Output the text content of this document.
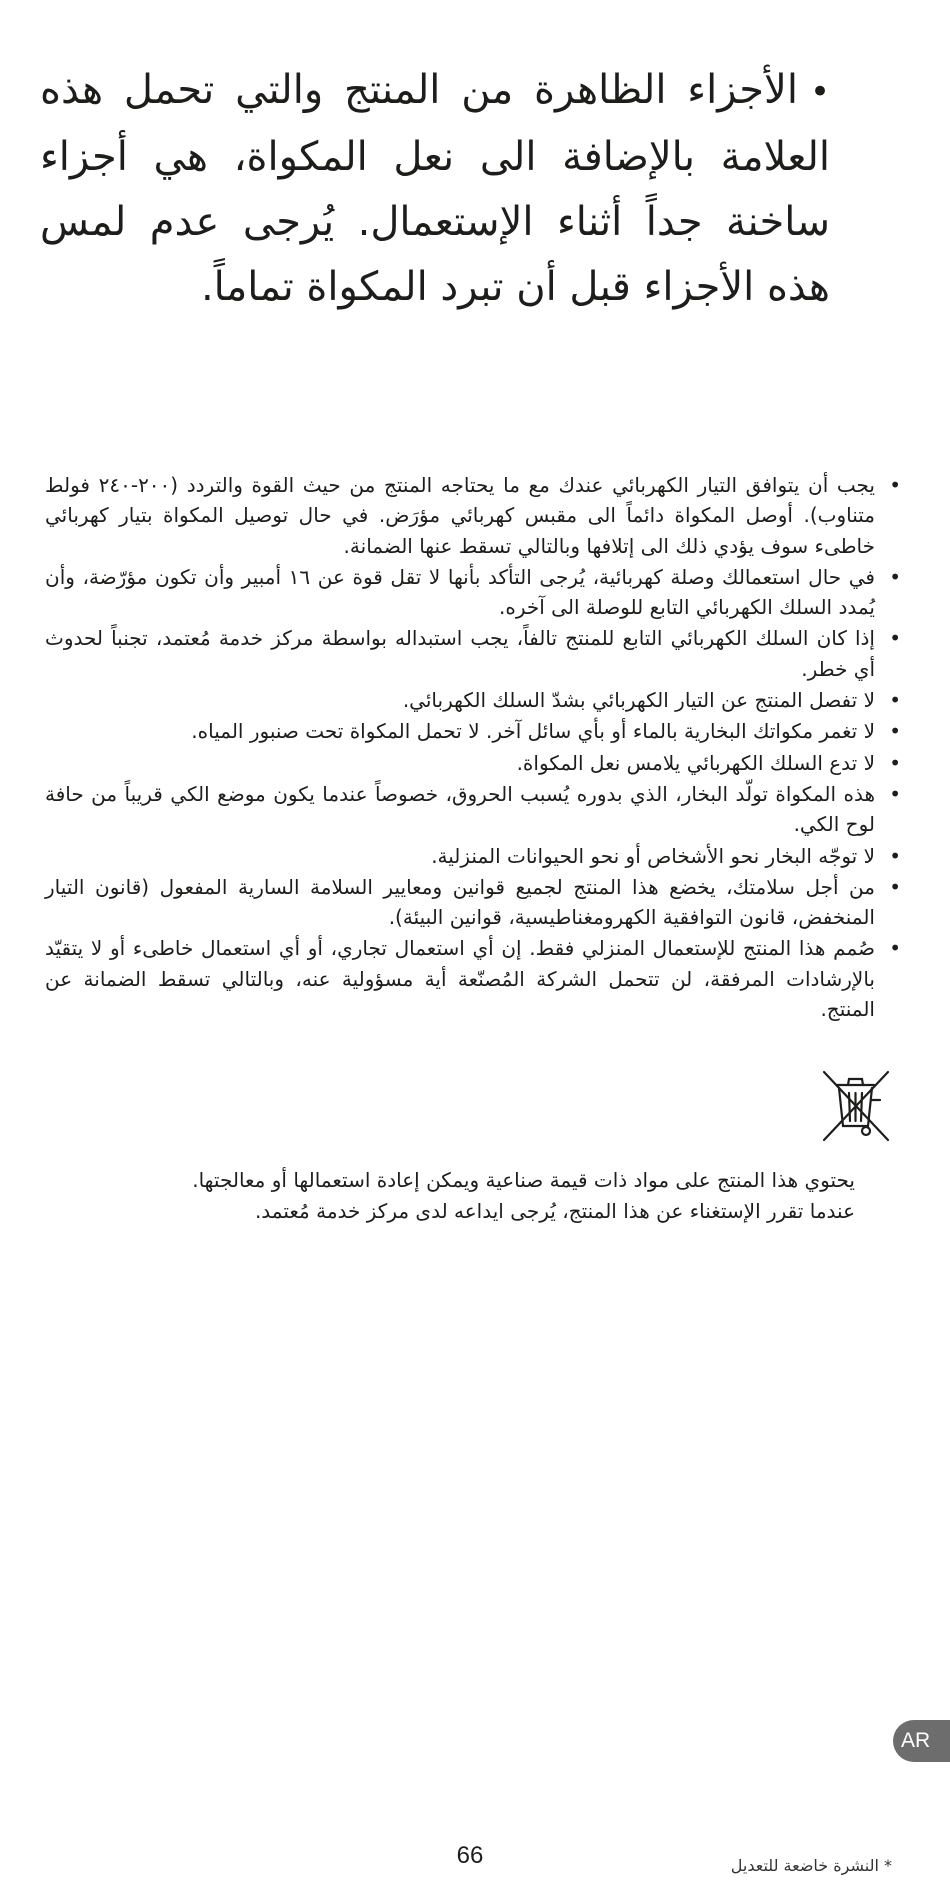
•الأجزاء الظاهرة من المنتج والتي تحمل هذه العلامة بالإضافة الى نعل المكواة، هي أجزاء ساخنة جداً أثناء الإستعمال. يُرجى عدم لمس هذه الأجزاء قبل أن تبرد المكواة تماماً.
• يجب أن يتوافق التيار الكهربائي عندك مع ما يحتاجه المنتج من حيث القوة والتردد (٢٠٠-٢٤٠ فولط متناوب). أوصل المكواة دائماً الى مقبس كهربائي مؤرَض. في حال توصيل المكواة بتيار كهربائي خاطىء سوف يؤدي ذلك الى إتلافها وبالتالي تسقط عنها الضمانة.
• في حال استعمالك وصلة كهربائية، يُرجى التأكد بأنها لا تقل قوة عن ١٦ أمبير وأن تكون مؤرّضة، وأن يُمدد السلك الكهربائي التابع للوصلة الى آخره.
• إذا كان السلك الكهربائي التابع للمنتج تالفاً، يجب استبداله بواسطة مركز خدمة مُعتمد، تجنباً لحدوث أي خطر.
• لا تفصل المنتج عن التيار الكهربائي بشدّ السلك الكهربائي.
• لا تغمر مكواتك البخارية بالماء أو بأي سائل آخر. لا تحمل المكواة تحت صنبور المياه.
• لا تدع السلك الكهربائي يلامس نعل المكواة.
• هذه المكواة تولّد البخار، الذي بدوره يُسبب الحروق، خصوصاً عندما يكون موضع الكي قريباً من حافة لوح الكي.
• لا توجّه البخار نحو الأشخاص أو نحو الحيوانات المنزلية.
• من أجل سلامتك، يخضع هذا المنتج لجميع قوانين ومعايير السلامة السارية المفعول (قانون التيار المنخفض، قانون التوافقية الكهرومغناطيسية، قوانين البيئة).
• صُمم هذا المنتج للإستعمال المنزلي فقط. إن أي استعمال تجاري، أو أي استعمال خاطىء أو لا يتقيّد بالإرشادات المرفقة، لن تتحمل الشركة المُصنّعة أية مسؤولية عنه، وبالتالي تسقط الضمانة عن المنتج.
يحتوي هذا المنتج على مواد ذات قيمة صناعية ويمكن إعادة استعمالها أو معالجتها.
عندما تقرر الإستغناء عن هذا المنتج، يُرجى ايداعه لدى مركز خدمة مُعتمد.
AR
66	* النشرة خاضعة للتعديل
